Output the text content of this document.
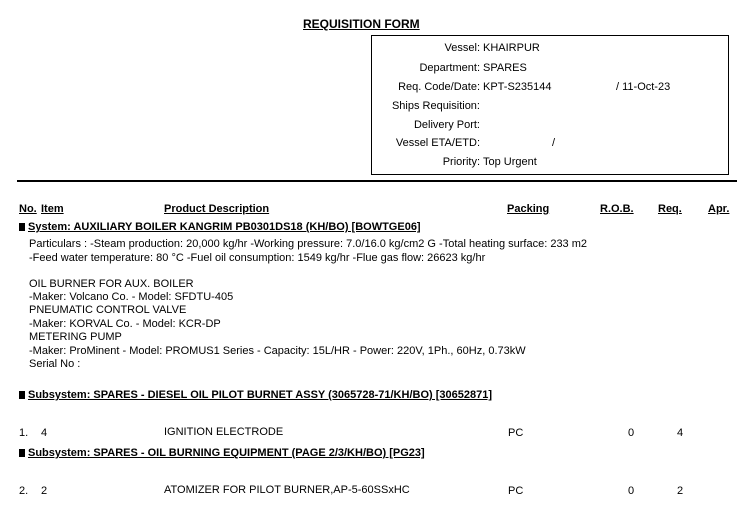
REQUISITION FORM
Vessel: KHAIRPUR
Department: SPARES
Req. Code/Date: KPT-S235144	/ 11-Oct-23
Ships Requisition:
Delivery Port:
Vessel ETA/ETD:	/
Priority: Top Urgent
No. Item	Product Description	Packing	R.O.B. Req. Apr.
System: AUXILIARY BOILER KANGRIM PB0301DS18 (KH/BO) [BOWTGE06]
Particulars : -Steam production: 20,000 kg/hr -Working pressure: 7.0/16.0 kg/cm2 G -Total heating surface: 233 m2
-Feed water temperature: 80 °C -Fuel oil consumption: 1549 kg/hr -Flue gas flow: 26623 kg/hr
OIL BURNER FOR AUX. BOILER
-Maker: Volcano Co. - Model: SFDTU-405
PNEUMATIC CONTROL VALVE
-Maker: KORVAL Co. - Model: KCR-DP
METERING PUMP
-Maker: ProMinent - Model: PROMUS1 Series - Capacity: 15L/HR - Power: 220V, 1Ph., 60Hz, 0.73kW
Serial No :
Subsystem: SPARES - DIESEL OIL PILOT BURNET ASSY (3065728-71/KH/BO) [30652871]
1. 4	IGNITION ELECTRODE	PC	0	4
Subsystem: SPARES - OIL BURNING EQUIPMENT (PAGE 2/3/KH/BO) [PG23]
2. 2	ATOMIZER FOR PILOT BURNER,AP-5-60SSxHC	PC	0	2
